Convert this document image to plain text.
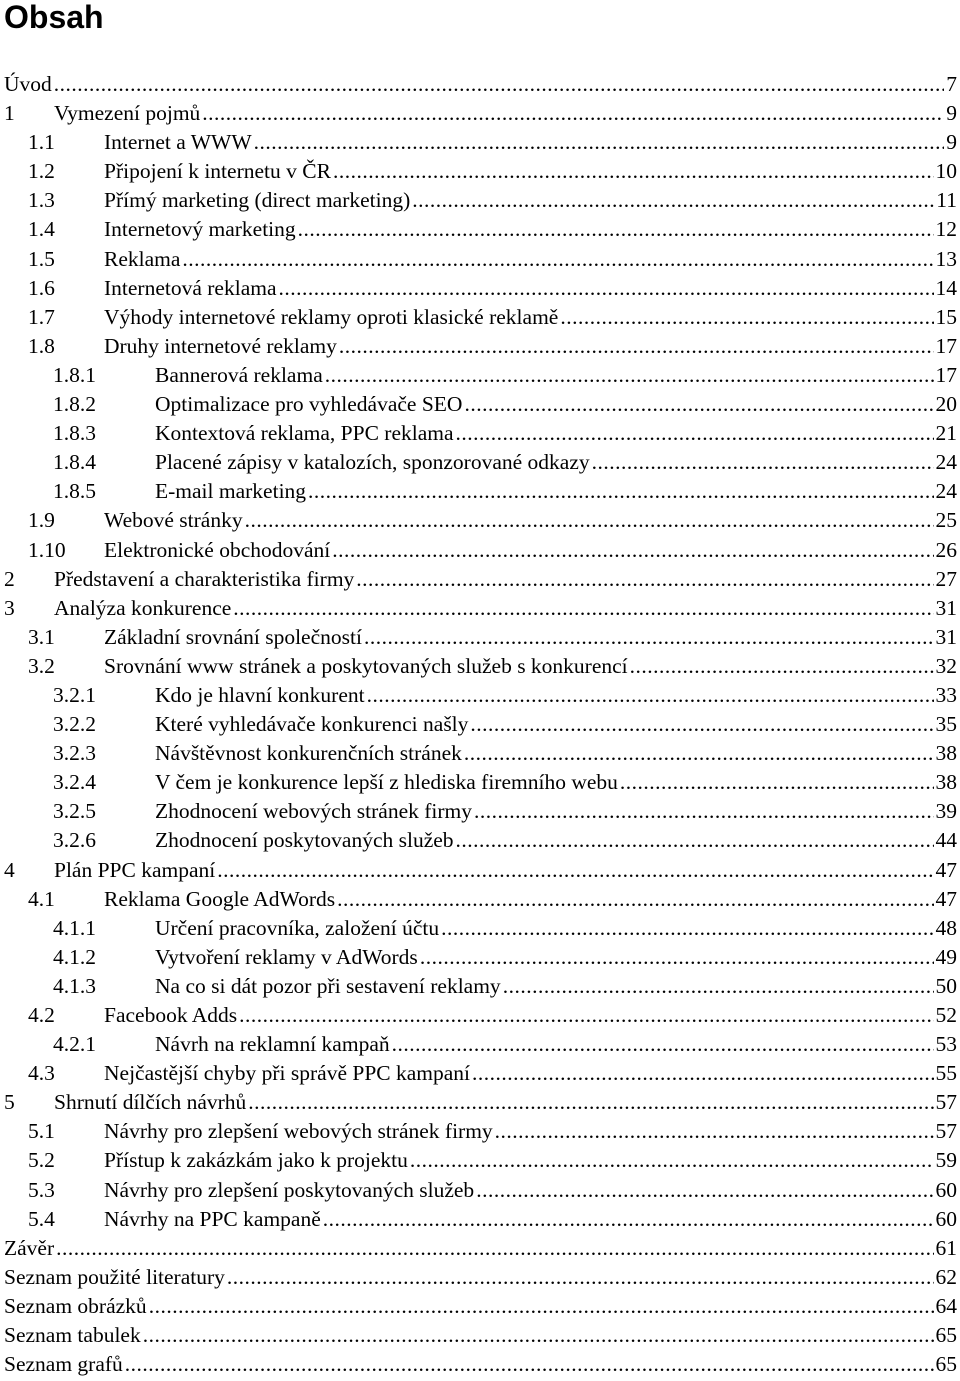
Obsah
Úvod .....	7
1	Vymezení pojmů .....	9
1.1	Internet a WWW .....	9
1.2	Připojení k internetu v ČR .....	10
1.3	Přímý marketing (direct marketing) .....	11
1.4	Internetový marketing .....	12
1.5	Reklama .....	13
1.6	Internetová reklama .....	14
1.7	Výhody internetové reklamy oproti klasické reklamě .....	15
1.8	Druhy internetové reklamy .....	17
1.8.1	Bannerová reklama .....	17
1.8.2	Optimalizace pro vyhledávače SEO .....	20
1.8.3	Kontextová reklama, PPC reklama .....	21
1.8.4	Placené zápisy v katalozích, sponzorované odkazy .....	24
1.8.5	E-mail marketing .....	24
1.9	Webové stránky .....	25
1.10	Elektronické obchodování .....	26
2	Představení a charakteristika firmy .....	27
3	Analýza konkurence .....	31
3.1	Základní srovnání společností .....	31
3.2	Srovnání www stránek a poskytovaných služeb s konkurencí .....	32
3.2.1	Kdo je hlavní konkurent .....	33
3.2.2	Které vyhledávače konkurenci našly .....	35
3.2.3	Návštěvnost konkurenčních stránek .....	38
3.2.4	V čem je konkurence lepší z hlediska firemního webu .....	38
3.2.5	Zhodnocení webových stránek firmy .....	39
3.2.6	Zhodnocení poskytovaných služeb .....	44
4	Plán PPC kampaní .....	47
4.1	Reklama Google AdWords .....	47
4.1.1	Určení pracovníka, založení účtu .....	48
4.1.2	Vytvoření reklamy v AdWords .....	49
4.1.3	Na co si dát pozor při sestavení reklamy .....	50
4.2	Facebook Adds .....	52
4.2.1	Návrh na reklamní kampaň .....	53
4.3	Nejčastější chyby při správě PPC kampaní .....	55
5	Shrnutí dílčích návrhů .....	57
5.1	Návrhy pro zlepšení webových stránek firmy .....	57
5.2	Přístup k zakázkám jako k projektu .....	59
5.3	Návrhy pro zlepšení poskytovaných služeb .....	60
5.4	Návrhy na PPC kampaně .....	60
Závěr .....	61
Seznam použité literatury .....	62
Seznam obrázků .....	64
Seznam tabulek .....	65
Seznam grafů .....	65
